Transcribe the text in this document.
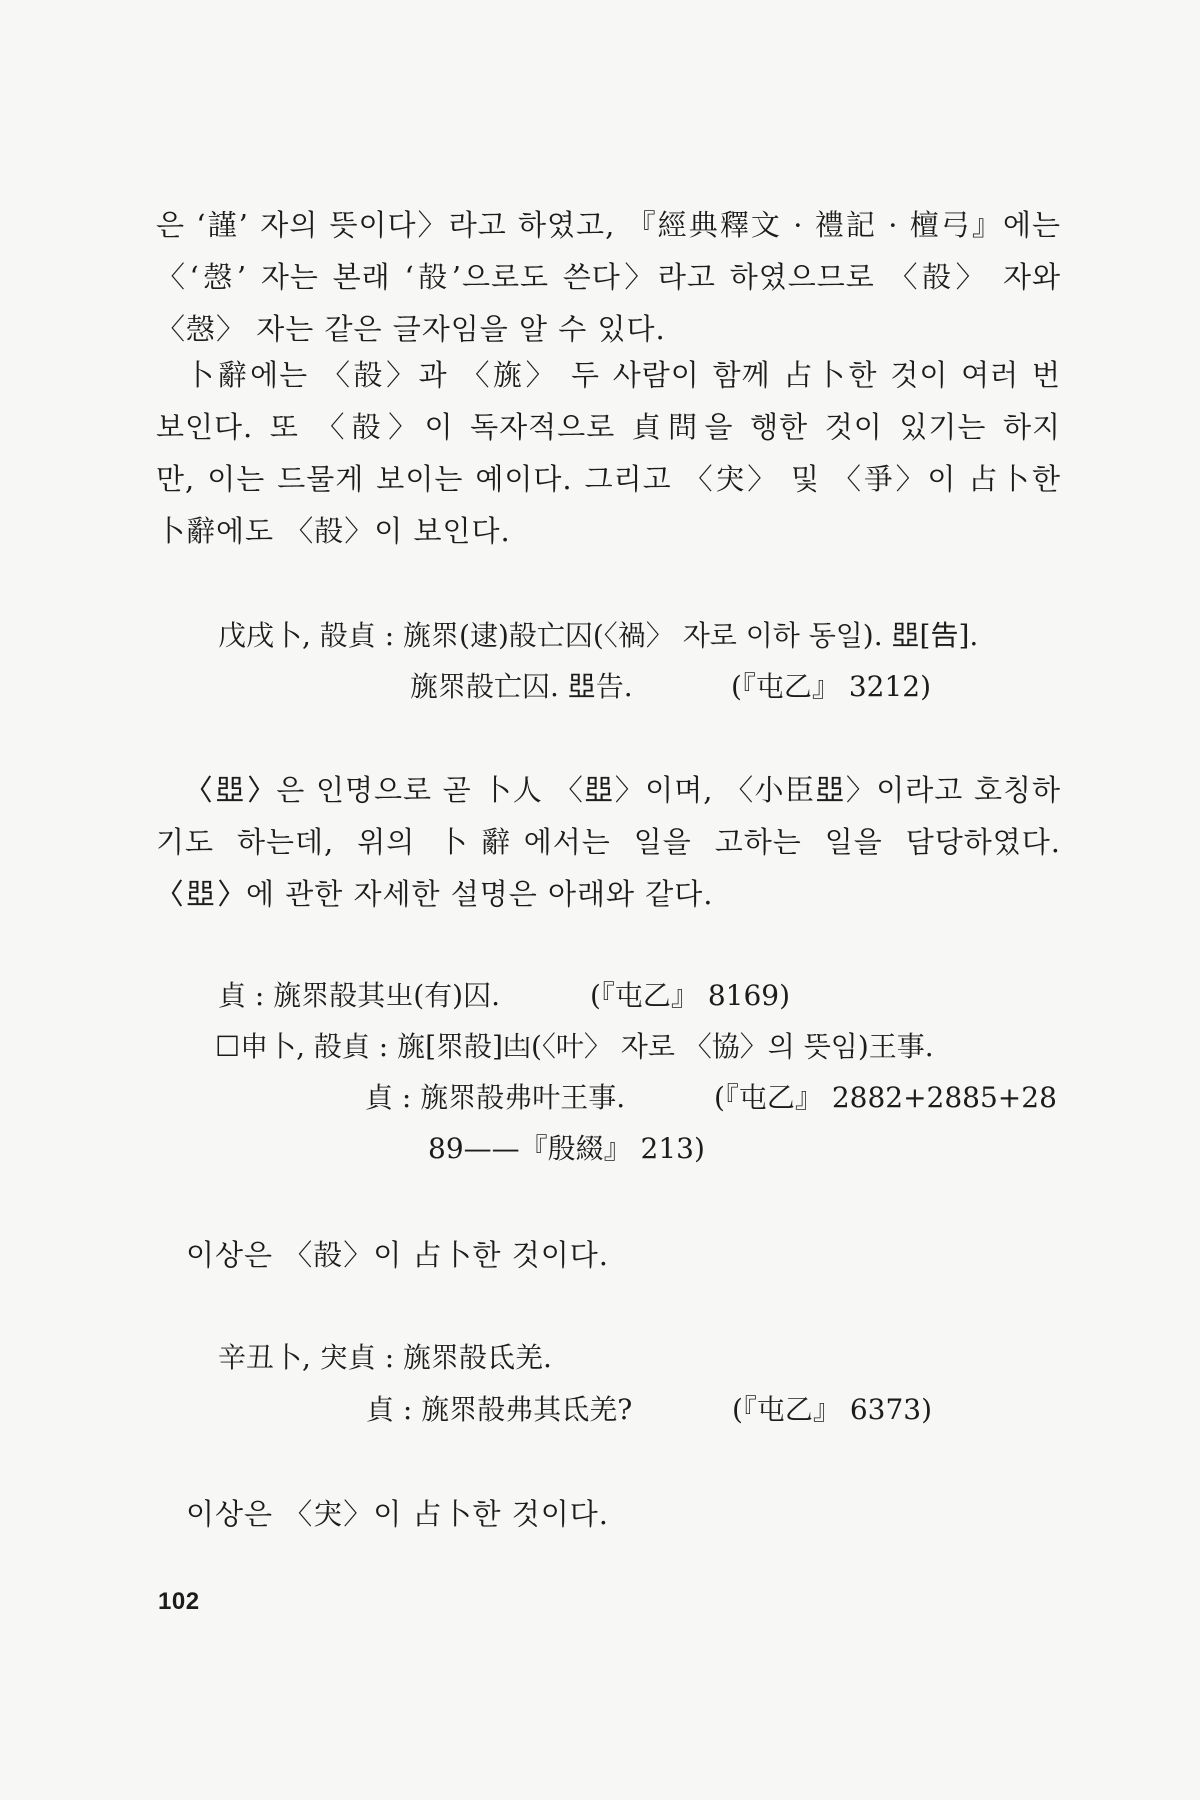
은 ‘謹’ 자의 뜻이다〉라고 하였고, 『經典釋文 · 禮記 · 檀弓』에는
〈‘愨’ 자는 본래 ‘㱿’으로도 쓴다〉라고 하였으므로 〈㱿〉 자와
〈愨〉 자는 같은 글자임을 알 수 있다.
卜辭에는 〈㱿〉과 〈旐〉 두 사람이 함께 占卜한 것이 여러 번
보인다. 또 〈㱿〉이 독자적으로 貞問을 행한 것이 있기는 하지
만, 이는 드물게 보이는 예이다. 그리고 〈宊〉 및 〈爭〉이 占卜한
卜辭에도 〈㱿〉이 보인다.
戊戌卜, 㱿貞 : 旐眔(逮)㱿亡囚(〈禍〉 자로 이하 동일). 𠁁[告].
旐眔㱿亡囚. 𠁁告.	(『屯乙』 3212)
〈𠁁〉은 인명으로 곧 卜人 〈𠁁〉이며, 〈小臣𠁁〉이라고 호칭하
기도 하는데, 위의 卜辭에서는 일을 고하는 일을 담당하였다.
〈𠁁〉에 관한 자세한 설명은 아래와 같다.
貞 : 旐眔㱿其㞢(有)囚.	(『屯乙』 8169)
☐申卜, 㱿貞 : 旐[眔㱿]凷(〈叶〉 자로 〈協〉의 뜻임)王事.
貞 : 旐眔㱿弗叶王事.	(『屯乙』 2882+2885+28
89——『殷綴』 213)
이상은 〈㱿〉이 占卜한 것이다.
辛丑卜, 宊貞 : 旐眔㱿氐羌.
貞 : 旐眔㱿弗其氐羌?	(『屯乙』 6373)
이상은 〈宊〉이 占卜한 것이다.
102
